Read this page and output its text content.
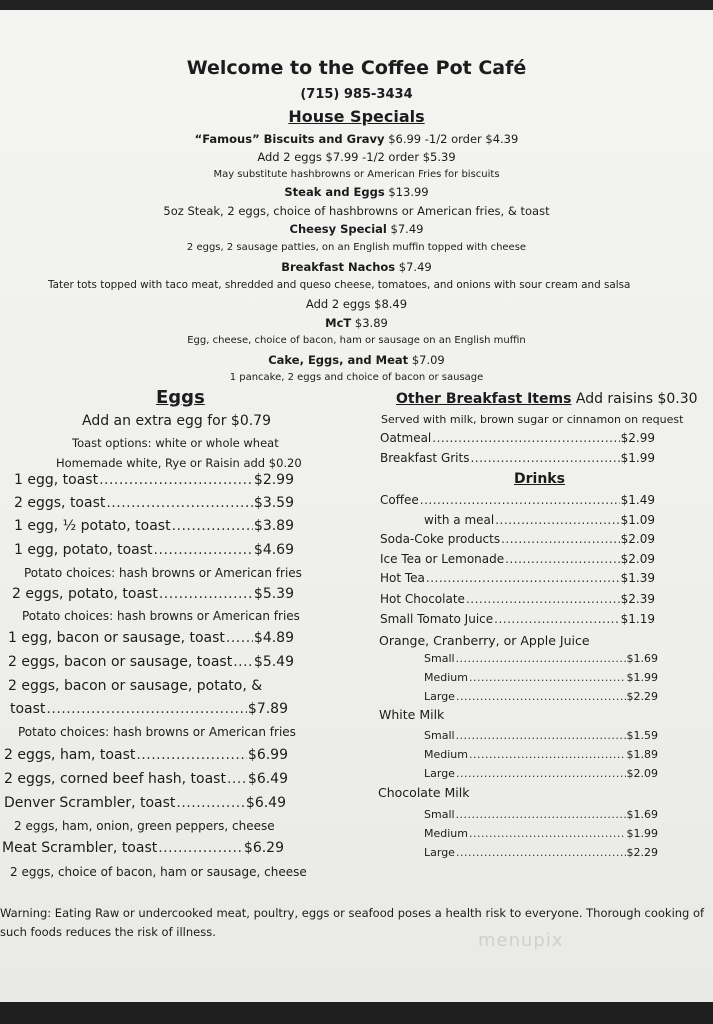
Welcome to the Coffee Pot Café
(715) 985-3434
House Specials
“Famous” Biscuits and Gravy $6.99 -1/2 order $4.39
Add 2 eggs $7.99 -1/2 order $5.39
May substitute hashbrowns or American Fries for biscuits
Steak and Eggs $13.99
5oz Steak, 2 eggs, choice of hashbrowns or American fries, & toast
Cheesy Special $7.49
2 eggs, 2 sausage patties, on an English muffin topped with cheese
Breakfast Nachos $7.49
Tater tots topped with taco meat, shredded and queso cheese, tomatoes, and onions with sour cream and salsa
Add 2 eggs $8.49
McT $3.89
Egg, cheese, choice of bacon, ham or sausage on an English muffin
Cake, Eggs, and Meat $7.09
1 pancake, 2 eggs and choice of bacon or sausage
Eggs
Add an extra egg for $0.79
Toast options: white or whole wheat
Homemade white, Rye or Raisin add $0.20
1 egg, toast .....	$2.99
2 eggs, toast .....	$3.59
1 egg, ½ potato, toast .....	$3.89
1 egg, potato, toast .....	$4.69
Potato choices: hash browns or American fries
2 eggs, potato, toast .....	$5.39
Potato choices: hash browns or American fries
1 egg, bacon or sausage, toast ..... $4.89
2 eggs, bacon or sausage, toast ..... $5.49
2 eggs, bacon or sausage, potato, &
toast .....	$7.89
Potato choices: hash browns or American fries
2 eggs, ham, toast .....	$6.99
2 eggs, corned beef hash, toast ..... $6.49
Denver Scrambler, toast .....	$6.49
2 eggs, ham, onion, green peppers, cheese
Meat Scrambler, toast .....	$6.29
2 eggs, choice of bacon, ham or sausage, cheese
Other Breakfast Items Add raisins $0.30
Served with milk, brown sugar or cinnamon on request
Oatmeal .....	$2.99
Breakfast Grits .....	$1.99
Drinks
Coffee .....	$1.49
with a meal .....	$1.09
Soda-Coke products .....	$2.09
Ice Tea or Lemonade .....	$2.09
Hot Tea .....	$1.39
Hot Chocolate .....	$2.39
Small Tomato Juice .....	$1.19
Orange, Cranberry, or Apple Juice
Small .....	$1.69
Medium .....	$1.99
Large .....	$2.29
White Milk
Small .....	$1.59
Medium .....	$1.89
Large .....	$2.09
Chocolate Milk
Small .....	$1.69
Medium .....	$1.99
Large .....	$2.29
Warning: Eating Raw or undercooked meat, poultry, eggs or seafood poses a health risk to everyone. Thorough cooking of such foods reduces the risk of illness.	menupix
